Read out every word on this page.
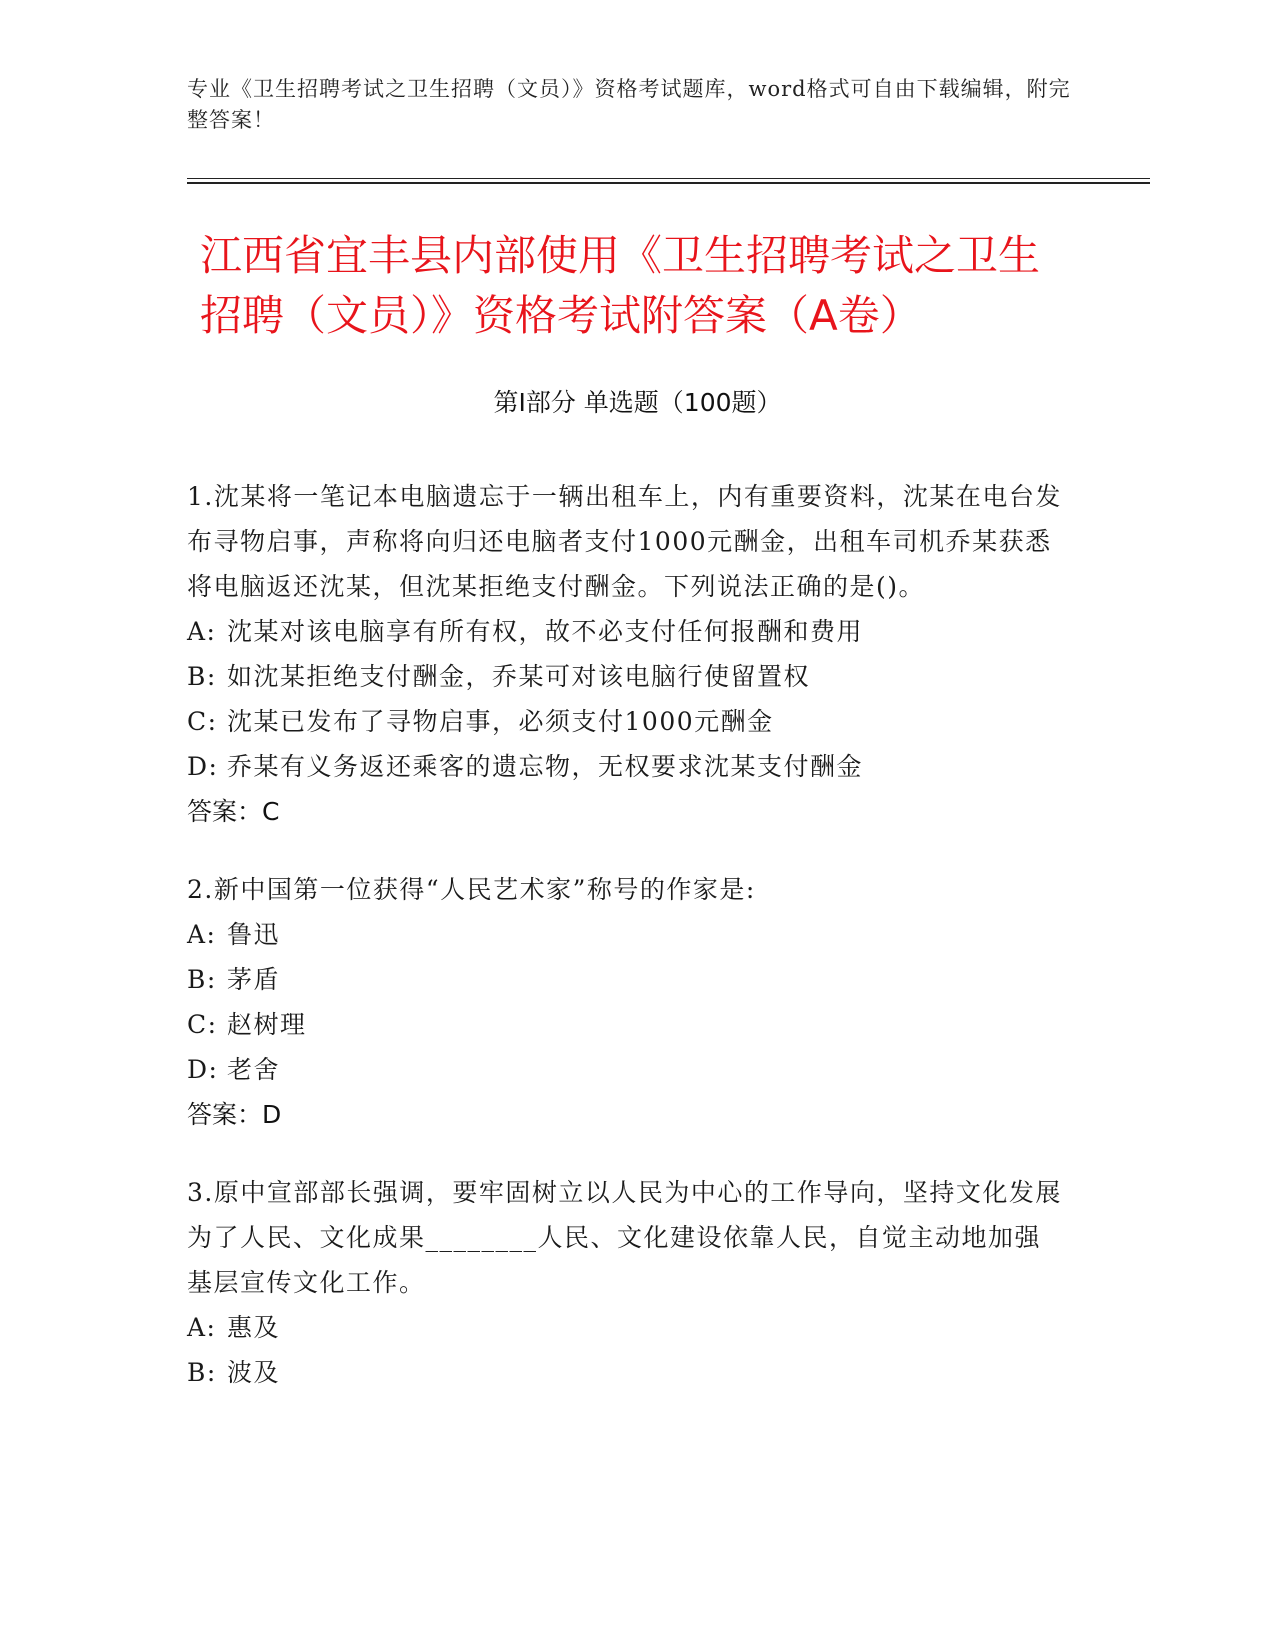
专业《卫生招聘考试之卫生招聘（文员）》资格考试题库，word格式可自由下载编辑，附完整答案！
江西省宜丰县内部使用《卫生招聘考试之卫生招聘（文员）》资格考试附答案（A卷）
第Ⅰ部分 单选题（100题）

1.沈某将一笔记本电脑遗忘于一辆出租车上，内有重要资料，沈某在电台发布寻物启事，声称将向归还电脑者支付1000元酬金，出租车司机乔某获悉将电脑返还沈某，但沈某拒绝支付酬金。下列说法正确的是()。

A: 沈某对该电脑享有所有权，故不必支付任何报酬和费用

B: 如沈某拒绝支付酬金，乔某可对该电脑行使留置权

C: 沈某已发布了寻物启事，必须支付1000元酬金

D: 乔某有义务返还乘客的遗忘物，无权要求沈某支付酬金

答案：C

2.新中国第一位获得“人民艺术家”称号的作家是:

A: 鲁迅

B: 茅盾

C: 赵树理

D: 老舍

答案：D

3.原中宣部部长强调，要牢固树立以人民为中心的工作导向，坚持文化发展为了人民、文化成果________人民、文化建设依靠人民，自觉主动地加强基层宣传文化工作。

A: 惠及

B: 波及
